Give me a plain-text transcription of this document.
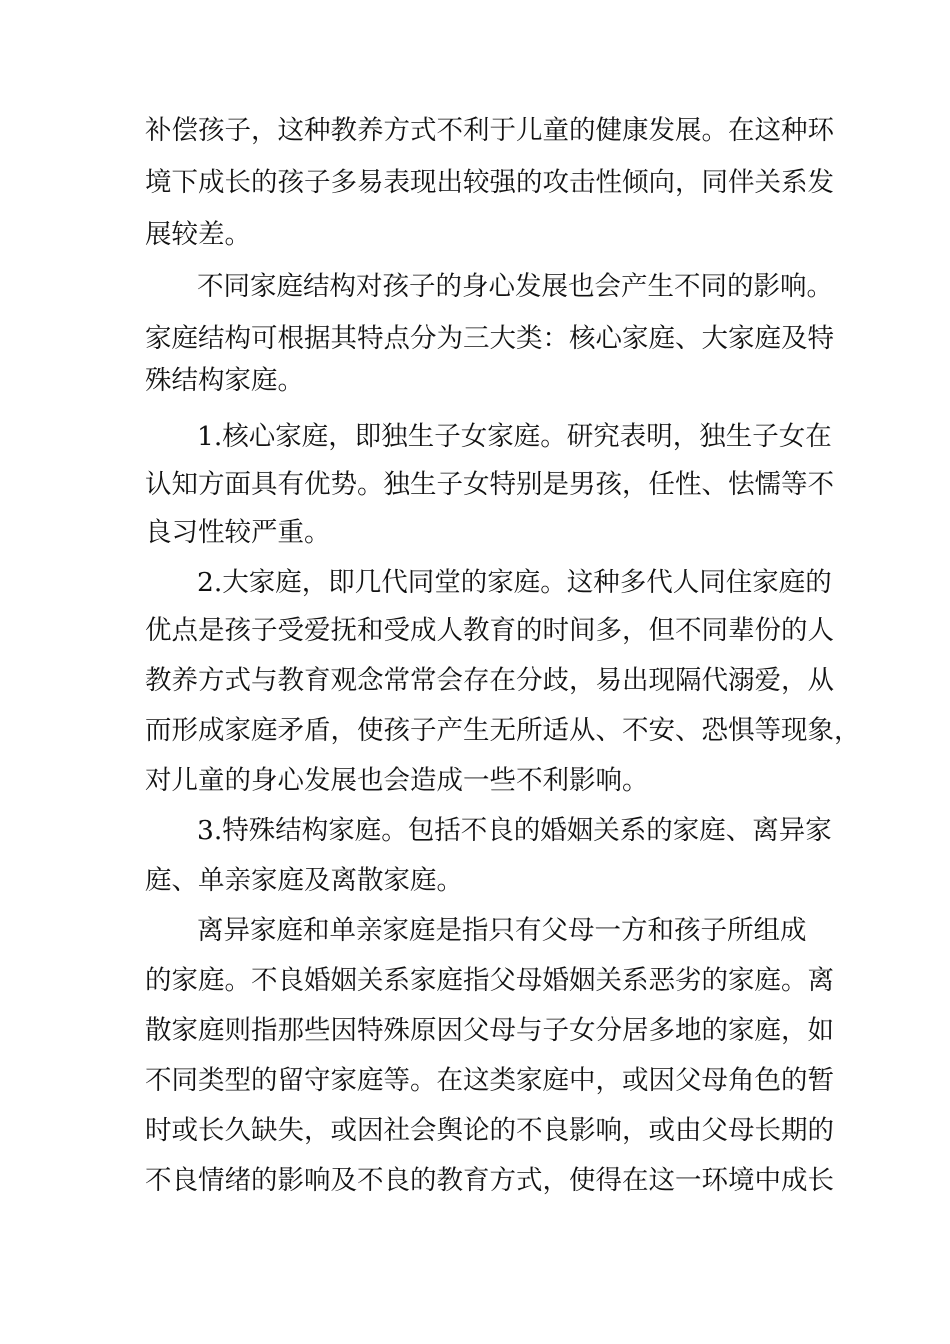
补偿孩子，这种教养方式不利于儿童的健康发展。在这种环
境下成长的孩子多易表现出较强的攻击性倾向，同伴关系发
展较差。
不同家庭结构对孩子的身心发展也会产生不同的影响。
家庭结构可根据其特点分为三大类：核心家庭、大家庭及特
殊结构家庭。
1.核心家庭，即独生子女家庭。研究表明，独生子女在
认知方面具有优势。独生子女特别是男孩，任性、怯懦等不
良习性较严重。
2.大家庭，即几代同堂的家庭。这种多代人同住家庭的
优点是孩子受爱抚和受成人教育的时间多，但不同辈份的人
教养方式与教育观念常常会存在分歧，易出现隔代溺爱，从
而形成家庭矛盾，使孩子产生无所适从、不安、恐惧等现象，
对儿童的身心发展也会造成一些不利影响。
3.特殊结构家庭。包括不良的婚姻关系的家庭、离异家
庭、单亲家庭及离散家庭。
离异家庭和单亲家庭是指只有父母一方和孩子所组成
的家庭。不良婚姻关系家庭指父母婚姻关系恶劣的家庭。离
散家庭则指那些因特殊原因父母与子女分居多地的家庭，如
不同类型的留守家庭等。在这类家庭中，或因父母角色的暂
时或长久缺失，或因社会舆论的不良影响，或由父母长期的
不良情绪的影响及不良的教育方式，使得在这一环境中成长
